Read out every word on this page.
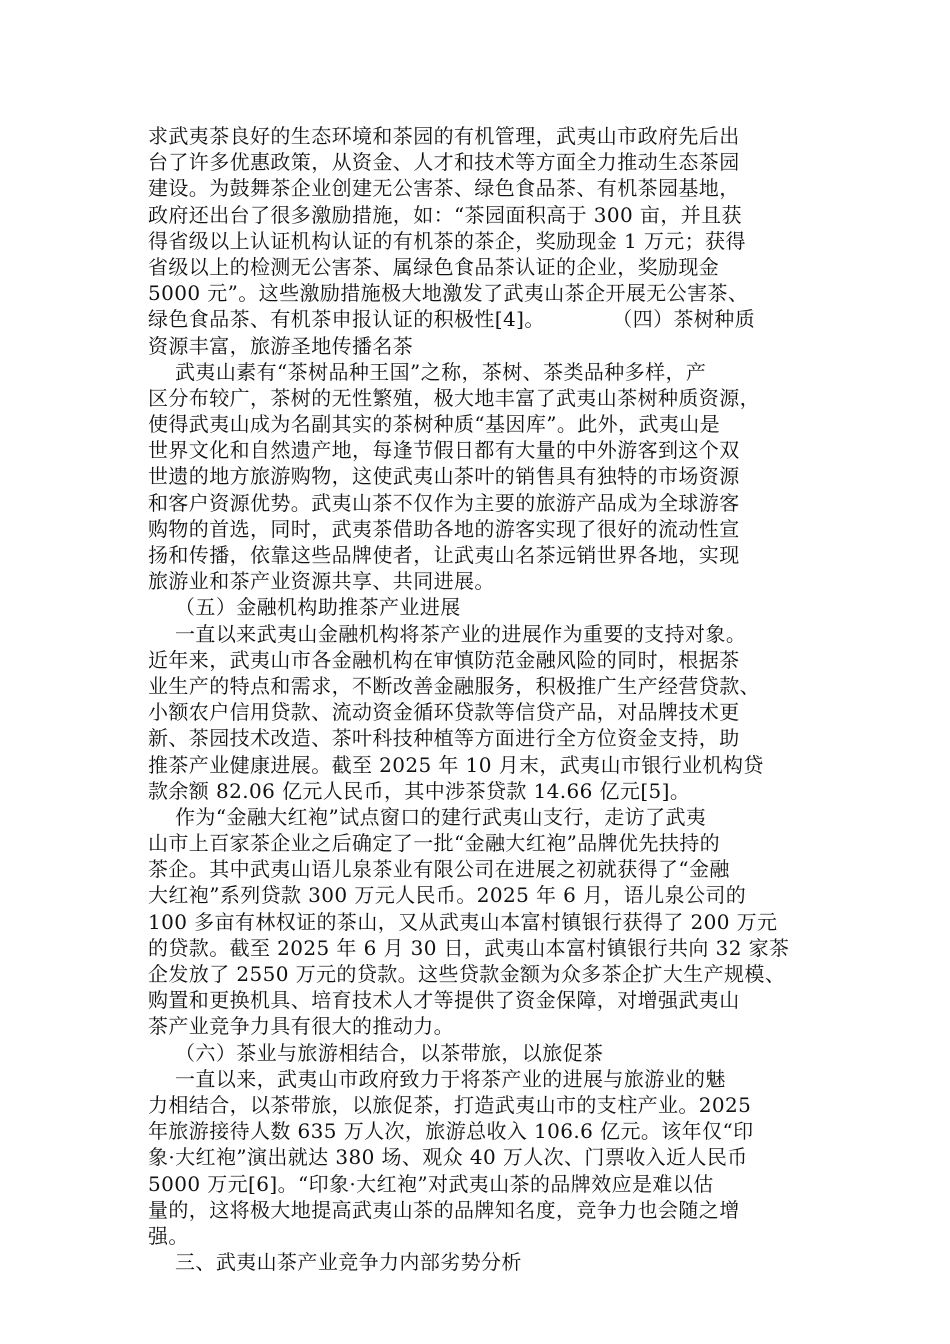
求武夷茶良好的生态环境和茶园的有机管理，武夷山市政府先后出
台了许多优惠政策，从资金、人才和技术等方面全力推动生态茶园
建设。为鼓舞茶企业创建无公害茶、绿色食品茶、有机茶园基地，
政府还出台了很多激励措施，如：“茶园面积高于 300 亩，并且获
得省级以上认证机构认证的有机茶的茶企，奖励现金 1 万元；获得
省级以上的检测无公害茶、属绿色食品茶认证的企业，奖励现金
5000 元”。这些激励措施极大地激发了武夷山茶企开展无公害茶、
绿色食品茶、有机茶申报认证的积极性[4]。          （四）茶树种质
资源丰富，旅游圣地传播名茶
武夷山素有“茶树品种王国”之称，茶树、茶类品种多样，产
区分布较广，茶树的无性繁殖，极大地丰富了武夷山茶树种质资源，
使得武夷山成为名副其实的茶树种质“基因库”。此外，武夷山是
世界文化和自然遗产地，每逢节假日都有大量的中外游客到这个双
世遗的地方旅游购物，这使武夷山茶叶的销售具有独特的市场资源
和客户资源优势。武夷山茶不仅作为主要的旅游产品成为全球游客
购物的首选，同时，武夷茶借助各地的游客实现了很好的流动性宣
扬和传播，依靠这些品牌使者，让武夷山名茶远销世界各地，实现
旅游业和茶产业资源共享、共同进展。
（五）金融机构助推茶产业进展
一直以来武夷山金融机构将茶产业的进展作为重要的支持对象。
近年来，武夷山市各金融机构在审慎防范金融风险的同时，根据茶
业生产的特点和需求，不断改善金融服务，积极推广生产经营贷款、
小额农户信用贷款、流动资金循环贷款等信贷产品，对品牌技术更
新、茶园技术改造、茶叶科技种植等方面进行全方位资金支持，助
推茶产业健康进展。截至 2025 年 10 月末，武夷山市银行业机构贷
款余额 82.06 亿元人民币，其中涉茶贷款 14.66 亿元[5]。
作为“金融大红袍”试点窗口的建行武夷山支行，走访了武夷
山市上百家茶企业之后确定了一批“金融大红袍”品牌优先扶持的
茶企。其中武夷山语儿泉茶业有限公司在进展之初就获得了“金融
大红袍”系列贷款 300 万元人民币。2025 年 6 月，语儿泉公司的
100 多亩有林权证的茶山，又从武夷山本富村镇银行获得了 200 万元
的贷款。截至 2025 年 6 月 30 日，武夷山本富村镇银行共向 32 家茶
企发放了 2550 万元的贷款。这些贷款金额为众多茶企扩大生产规模、
购置和更换机具、培育技术人才等提供了资金保障，对增强武夷山
茶产业竞争力具有很大的推动力。
（六）茶业与旅游相结合，以茶带旅，以旅促茶
一直以来，武夷山市政府致力于将茶产业的进展与旅游业的魅
力相结合，以茶带旅，以旅促茶，打造武夷山市的支柱产业。2025
年旅游接待人数 635 万人次，旅游总收入 106.6 亿元。该年仅“印
象·大红袍”演出就达 380 场、观众 40 万人次、门票收入近人民币
5000 万元[6]。“印象·大红袍”对武夷山茶的品牌效应是难以估
量的，这将极大地提高武夷山茶的品牌知名度，竞争力也会随之增
强。
三、武夷山茶产业竞争力内部劣势分析
